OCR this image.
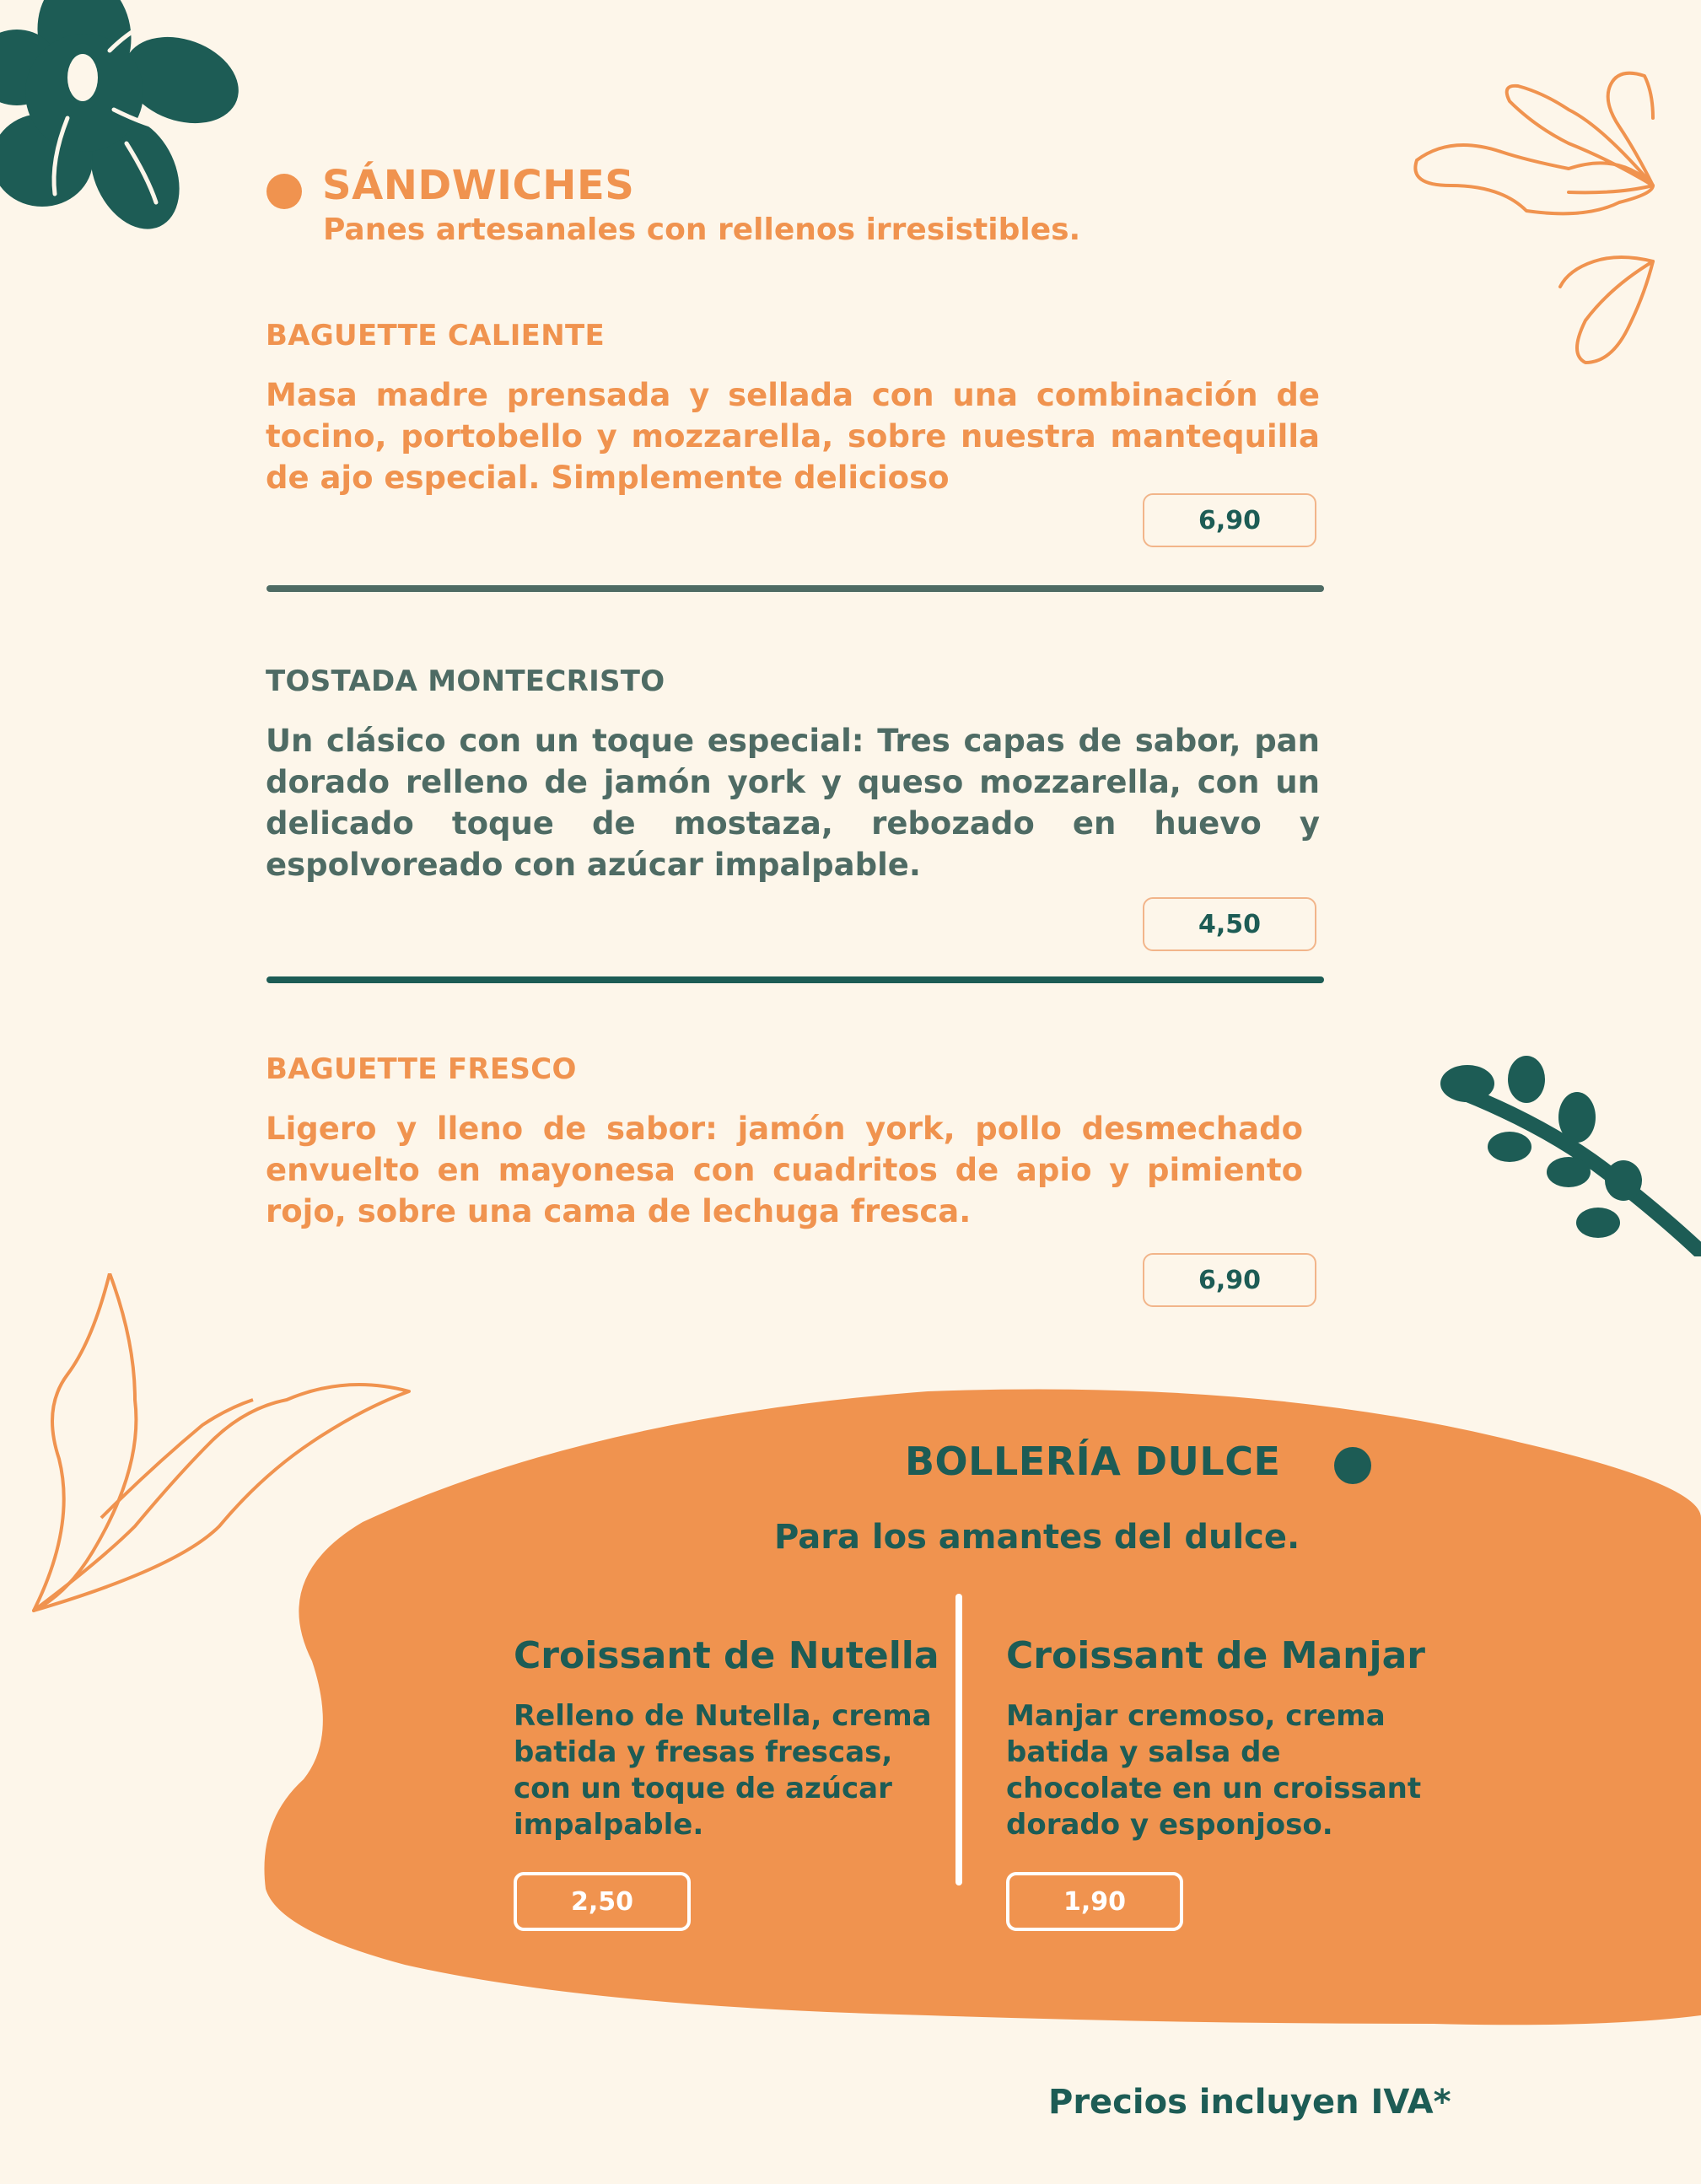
SÁNDWICHES
Panes artesanales con rellenos irresistibles.
BAGUETTE CALIENTE
Masa madre prensada y sellada con una combinación de tocino, portobello y mozzarella, sobre nuestra mantequilla de ajo especial. Simplemente delicioso
6,90
TOSTADA MONTECRISTO
Un clásico con un toque especial: Tres capas de sabor, pan dorado relleno de jamón york y queso mozzarella, con un delicado toque de mostaza, rebozado en huevo y espolvoreado con azúcar impalpable.
4,50
BAGUETTE FRESCO
Ligero y lleno de sabor: jamón york, pollo desmechado envuelto en mayonesa con cuadritos de apio y pimiento rojo, sobre una cama de lechuga fresca.
6,90
BOLLERÍA DULCE
Para los amantes del dulce.
Croissant de Nutella
Relleno de Nutella, crema batida y fresas frescas, con un toque de azúcar impalpable.
2,50
Croissant de Manjar
Manjar cremoso, crema batida y salsa de chocolate en un croissant dorado y esponjoso.
1,90
Precios incluyen IVA*
